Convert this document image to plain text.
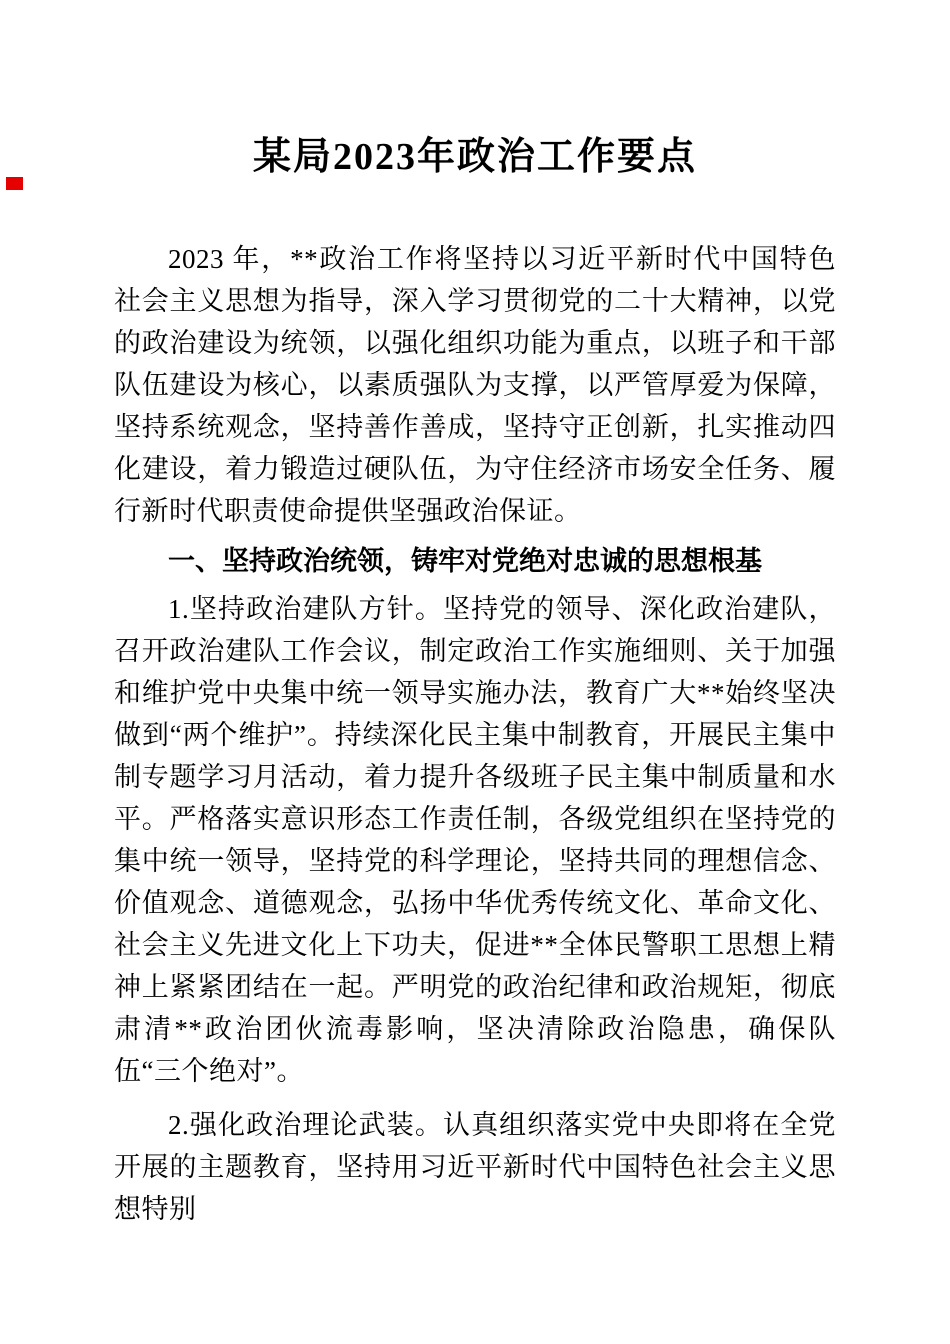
某局2023年政治工作要点

2023 年，**政治工作将坚持以习近平新时代中国特色社会主义思想为指导，深入学习贯彻党的二十大精神，以党的政治建设为统领，以强化组织功能为重点，以班子和干部队伍建设为核心，以素质强队为支撑，以严管厚爱为保障，坚持系统观念，坚持善作善成，坚持守正创新，扎实推动四化建设，着力锻造过硬队伍，为守住经济市场安全任务、履行新时代职责使命提供坚强政治保证。

一、坚持政治统领，铸牢对党绝对忠诚的思想根基

1.坚持政治建队方针。坚持党的领导、深化政治建队，召开政治建队工作会议，制定政治工作实施细则、关于加强和维护党中央集中统一领导实施办法，教育广大**始终坚决做到“两个维护”。持续深化民主集中制教育，开展民主集中制专题学习月活动，着力提升各级班子民主集中制质量和水平。严格落实意识形态工作责任制，各级党组织在坚持党的集中统一领导，坚持党的科学理论，坚持共同的理想信念、价值观念、道德观念，弘扬中华优秀传统文化、革命文化、社会主义先进文化上下功夫，促进**全体民警职工思想上精神上紧紧团结在一起。严明党的政治纪律和政治规矩，彻底肃清**政治团伙流毒影响，坚决清除政治隐患，确保队伍“三个绝对”。

2.强化政治理论武装。认真组织落实党中央即将在全党开展的主题教育，坚持用习近平新时代中国特色社会主义思想特别
